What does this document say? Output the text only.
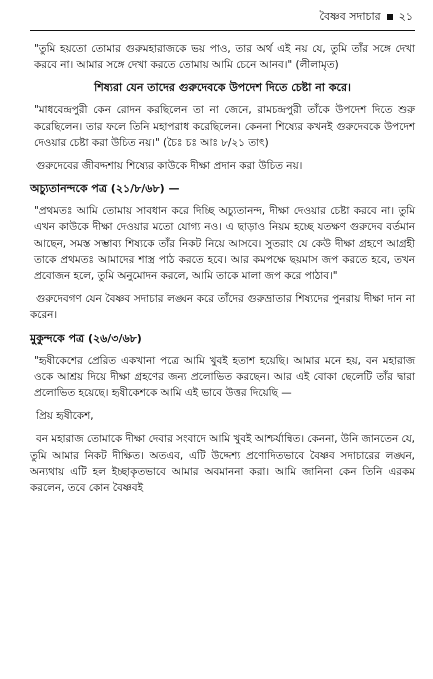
বৈষ্ণব সদাচার ২১

"তুমি হয়তো তোমার গুরুমহারাজকে ভয় পাও, তার অর্থ এই নয় যে, তুমি তাঁর সঙ্গে দেখা করবে না। আমার সঙ্গে দেখা করতে তোমায় আমি চেনে আনব।" (লীলামৃত)

শিষ্যরা যেন তাদের গুরুদেবকে উপদেশ দিতে চেষ্টা না করে।

"মাধবেন্দ্রপুরী কেন রোদন করছিলেন তা না জেনে, রামচন্দ্রপুরী তাঁকে উপদেশ দিতে শুরু করেছিলেন। তার ফলে তিনি মহাপরাধ করেছিলেন। কেননা শিষ্যের কখনই গুরুদেবকে উপদেশ দেওয়ার চেষ্টা করা উচিত নয়।" (চৈঃ চঃ আঃ ৮/২১ তাৎ)

গুরুদেবের জীবদ্দশায় শিষ্যের কাউকে দীক্ষা প্রদান করা উচিত নয়।

অচ্যুতানন্দকে পত্র (২১/৮/৬৮) —

"প্রথমতঃ আমি তোমায় সাবধান করে দিচ্ছি অচ্যুতানন্দ, দীক্ষা দেওয়ার চেষ্টা করবে না। তুমি এখন কাউকে দীক্ষা দেওয়ার মতো যোগ্য নও। এ ছাড়াও নিয়ম হচ্ছে যতক্ষণ গুরুদেব বর্তমান আছেন, সমস্ত সম্ভাব্য শিষ্যকে তাঁর নিকট নিয়ে আসবে। সুতরাং যে কেউ দীক্ষা গ্রহণে আগ্রহী তাকে প্রথমতঃ আমাদের শাস্ত্র পাঠ করতে হবে। আর কমপক্ষে ছয়মাস জপ করতে হবে, তখন প্রবোজন হলে, তুমি অনুমোদন করলে, আমি তাকে মালা জপ করে পাঠাব।"

গুরুদেবগণ যেন বৈষ্ণব সদাচার লঙ্ঘন করে তাঁদের গুরুভ্রাতার শিষ্যদের পুনরায় দীক্ষা দান না করেন।

মুকুন্দকে পত্র (২৬/৩/৬৮)

"হৃষীকেশের প্রেরিত একখানা পত্রে আমি খুবই হতাশ হয়েছি। আমার মনে হয়, বন মহারাজ ওকে আশ্রয় দিয়ে দীক্ষা গ্রহণের জন্য প্রলোভিত করছেন। আর এই বোকা ছেলেটি তাঁর দ্বারা প্রলোভিত হয়েছে। হৃষীকেশকে আমি এই ভাবে উত্তর দিয়েছি —

প্রিয় হৃষীকেশ,

বন মহারাজ তোমাকে দীক্ষা দেবার সংবাদে আমি খুবই আশ্চর্যান্বিত। কেননা, উনি জানতেন যে, তুমি আমার নিকট দীক্ষিত। অতএব, এটি উদ্দেশ্য প্রণোদিতভাবে বৈষ্ণব সদাচারের লঙ্ঘন, অন্যথায় এটি হল ইচ্ছাকৃতভাবে আমার অবমাননা করা। আমি জানিনা কেন তিনি এরকম করলেন, তবে কোন বৈষ্ণবই
